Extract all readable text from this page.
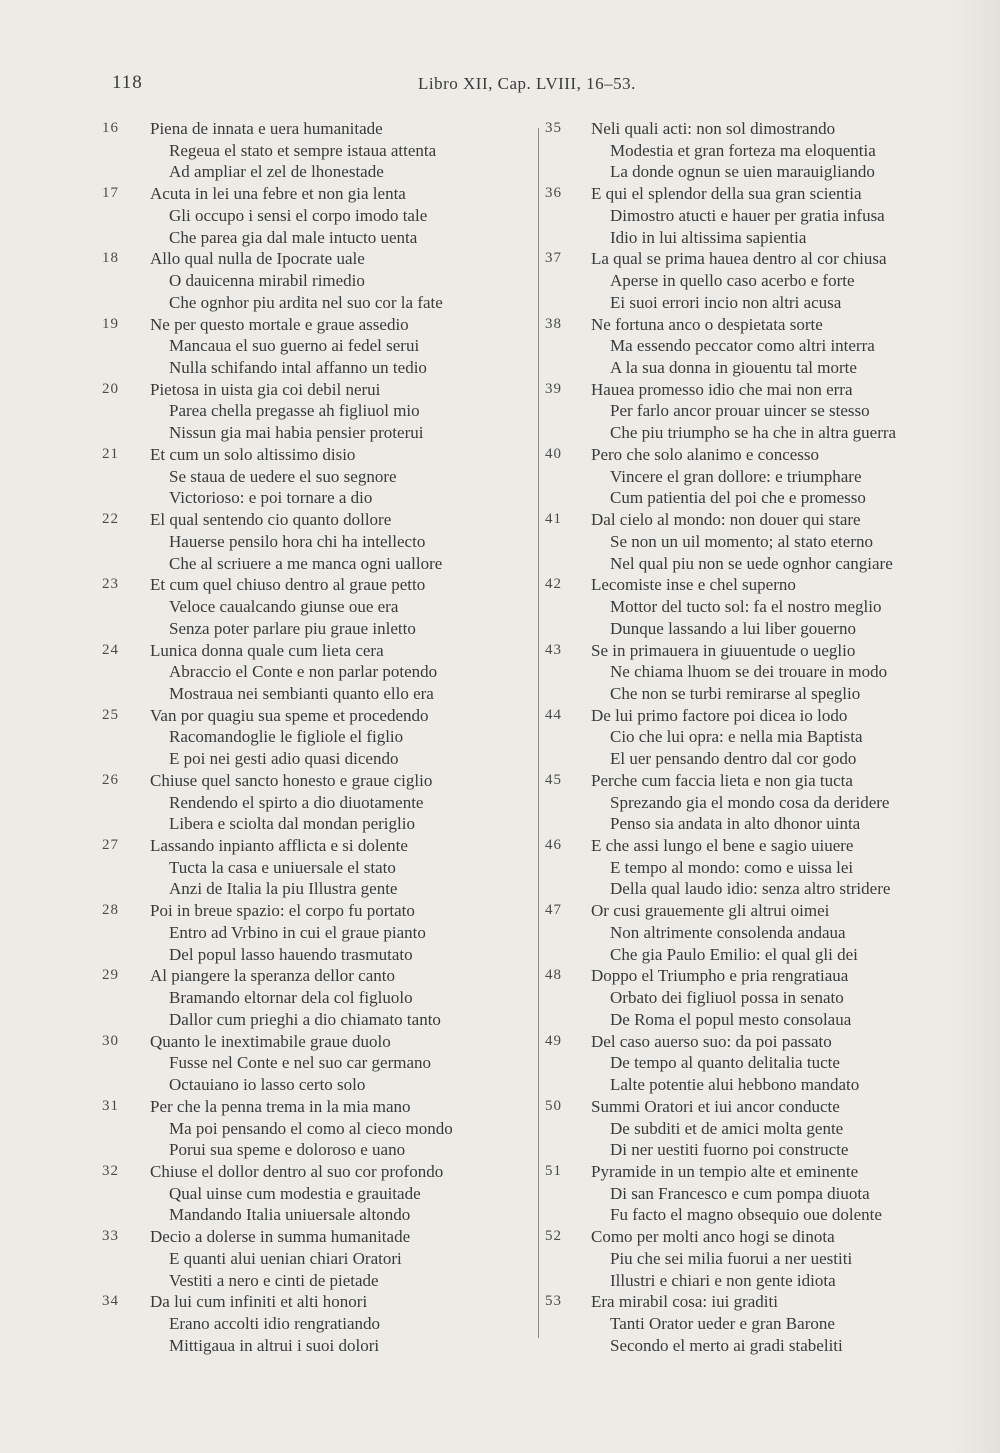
118	Libro XII, Cap. LVIII, 16–53.
16	Piena de innata e uera humanitade
Regeua el stato et sempre istaua attenta
Ad ampliar el zel de lhonestade
17	Acuta in lei una febre et non gia lenta
Gli occupo i sensi el corpo imodo tale
Che parea gia dal male intucto uenta
18	Allo qual nulla de Ipocrate uale
O dauicenna mirabil rimedio
Che ognhor piu ardita nel suo cor la fate
19	Ne per questo mortale e graue assedio
Mancaua el suo guerno ai fedel serui
Nulla schifando intal affanno un tedio
20	Pietosa in uista gia coi debil nerui
Parea chella pregasse ah figliuol mio
Nissun gia mai habia pensier proterui
21	Et cum un solo altissimo disio
Se staua de uedere el suo segnore
Victorioso: e poi tornare a dio
22	El qual sentendo cio quanto dollore
Hauerse pensilo hora chi ha intellecto
Che al scriuere a me manca ogni uallore
23	Et cum quel chiuso dentro al graue petto
Veloce caualcando giunse oue era
Senza poter parlare piu graue inletto
24	Lunica donna quale cum lieta cera
Abraccio el Conte e non parlar potendo
Mostraua nei sembianti quanto ello era
25	Van por quagiu sua speme et procedendo
Racomandoglie le figliole el figlio
E poi nei gesti adio quasi dicendo
26	Chiuse quel sancto honesto e graue ciglio
Rendendo el spirto a dio diuotamente
Libera e sciolta dal mondan periglio
27	Lassando inpianto afflicta e si dolente
Tucta la casa e uniuersale el stato
Anzi de Italia la piu Illustra gente
28	Poi in breue spazio: el corpo fu portato
Entro ad Vrbino in cui el graue pianto
Del popul lasso hauendo trasmutato
29	Al piangere la speranza dellor canto
Bramando eltornar dela col figluolo
Dallor cum prieghi a dio chiamato tanto
30	Quanto le inextimabile graue duolo
Fusse nel Conte e nel suo car germano
Octauiano io lasso certo solo
31	Per che la penna trema in la mia mano
Ma poi pensando el como al cieco mondo
Porui sua speme e doloroso e uano
32	Chiuse el dollor dentro al suo cor profondo
Qual uinse cum modestia e grauitade
Mandando Italia uniuersale altondo
33	Decio a dolerse in summa humanitade
E quanti alui uenian chiari Oratori
Vestiti a nero e cinti de pietade
34	Da lui cum infiniti et alti honori
Erano accolti idio rengratiando
Mittigaua in altrui i suoi dolori
35	Neli quali acti: non sol dimostrando
Modestia et gran forteza ma eloquentia
La donde ognun se uien marauigliando
36	E qui el splendor della sua gran scientia
Dimostro atucti e hauer per gratia infusa
Idio in lui altissima sapientia
37	La qual se prima hauea dentro al cor chiusa
Aperse in quello caso acerbo e forte
Ei suoi errori incio non altri acusa
38	Ne fortuna anco o despietata sorte
Ma essendo peccator como altri interra
A la sua donna in giouentu tal morte
39	Hauea promesso idio che mai non erra
Per farlo ancor prouar uincer se stesso
Che piu triumpho se ha che in altra guerra
40	Pero che solo alanimo e concesso
Vincere el gran dollore: e triumphare
Cum patientia del poi che e promesso
41	Dal cielo al mondo: non douer qui stare
Se non un uil momento; al stato eterno
Nel qual piu non se uede ognhor cangiare
42	Lecomiste inse e chel superno
Mottor del tucto sol: fa el nostro meglio
Dunque lassando a lui liber gouerno
43	Se in primauera in giuuentude o ueglio
Ne chiama lhuom se dei trouare in modo
Che non se turbi remirarse al speglio
44	De lui primo factore poi dicea io lodo
Cio che lui opra: e nella mia Baptista
El uer pensando dentro dal cor godo
45	Perche cum faccia lieta e non gia tucta
Sprezando gia el mondo cosa da deridere
Penso sia andata in alto dhonor uinta
46	E che assi lungo el bene e sagio uiuere
E tempo al mondo: como e uissa lei
Della qual laudo idio: senza altro stridere
47	Or cusi grauemente gli altrui oimei
Non altrimente consolenda andaua
Che gia Paulo Emilio: el qual gli dei
48	Doppo el Triumpho e pria rengratiaua
Orbato dei figliuol possa in senato
De Roma el popul mesto consolaua
49	Del caso auerso suo: da poi passato
De tempo al quanto delitalia tucte
Lalte potentie alui hebbono mandato
50	Summi Oratori et iui ancor conducte
De subditi et de amici molta gente
Di ner uestiti fuorno poi constructe
51	Pyramide in un tempio alte et eminente
Di san Francesco e cum pompa diuota
Fu facto el magno obsequio oue dolente
52	Como per molti anco hogi se dinota
Piu che sei milia fuorui a ner uestiti
Illustri e chiari e non gente idiota
53	Era mirabil cosa: iui graditi
Tanti Orator ueder e gran Barone
Secondo el merto ai gradi stabeliti
